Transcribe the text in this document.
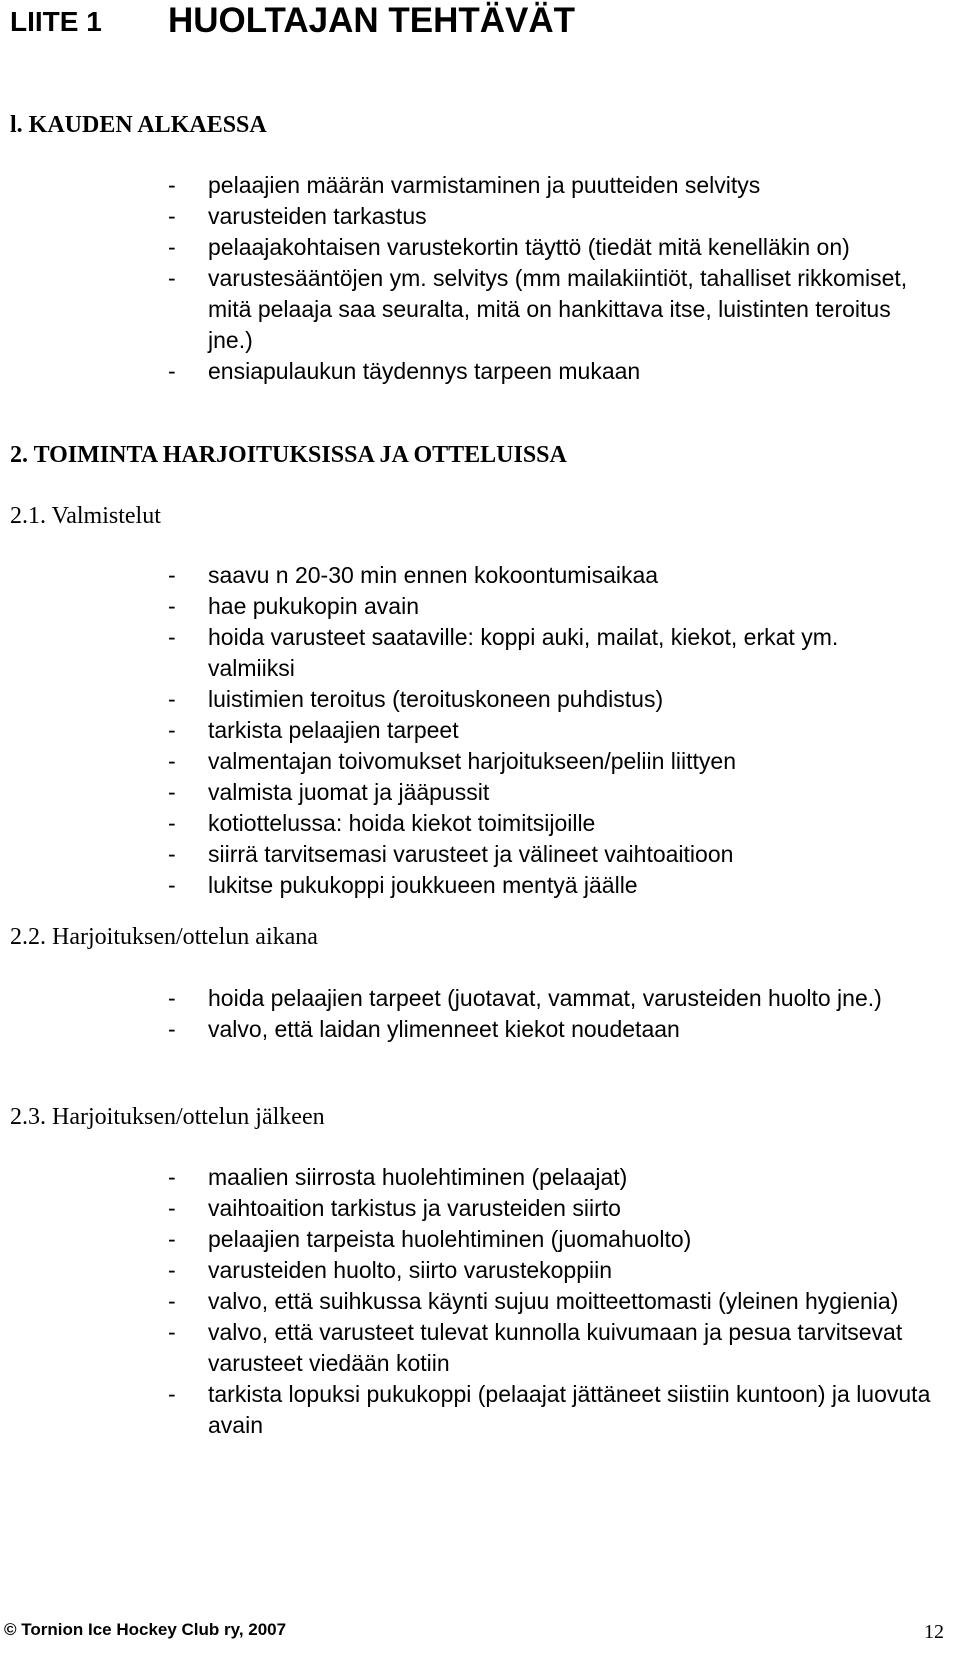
LIITE 1 HUOLTAJAN TEHTÄVÄT
l. KAUDEN ALKAESSA
- pelaajien määrän varmistaminen ja puutteiden selvitys
- varusteiden tarkastus
- pelaajakohtaisen varustekortin täyttö (tiedät mitä kenelläkin on)
- varustesääntöjen ym. selvitys (mm mailakiintiöt, tahalliset rikkomiset, mitä pelaaja saa seuralta, mitä on hankittava itse, luistinten teroitus jne.)
- ensiapulaukun täydennys tarpeen mukaan
2. TOIMINTA HARJOITUKSISSA JA OTTELUISSA
2.1. Valmistelut
- saavu n 20-30 min ennen kokoontumisaikaa
- hae pukukopin avain
- hoida varusteet saataville: koppi auki, mailat, kiekot, erkat ym. valmiiksi
- luistimien teroitus (teroituskoneen puhdistus)
- tarkista pelaajien tarpeet
- valmentajan toivomukset harjoitukseen/peliin liittyen
- valmista juomat ja jääpussit
- kotiottelussa: hoida kiekot toimitsijoille
- siirrä tarvitsemasi varusteet ja välineet vaihtoaitioon
- lukitse pukukoppi joukkueen mentyä jäälle
2.2. Harjoituksen/ottelun aikana
- hoida pelaajien tarpeet (juotavat, vammat, varusteiden huolto jne.)
- valvo, että laidan ylimenneet kiekot noudetaan
2.3. Harjoituksen/ottelun jälkeen
- maalien siirrosta huolehtiminen (pelaajat)
- vaihtoaition tarkistus ja varusteiden siirto
- pelaajien tarpeista huolehtiminen (juomahuolto)
- varusteiden huolto, siirto varustekoppiin
- valvo, että suihkussa käynti sujuu moitteettomasti (yleinen hygienia)
- valvo, että varusteet tulevat kunnolla kuivumaan ja pesua tarvitsevat varusteet viedään kotiin
- tarkista lopuksi pukukoppi (pelaajat jättäneet siistiin kuntoon) ja luovuta avain
© Tornion Ice Hockey Club ry, 2007	12
